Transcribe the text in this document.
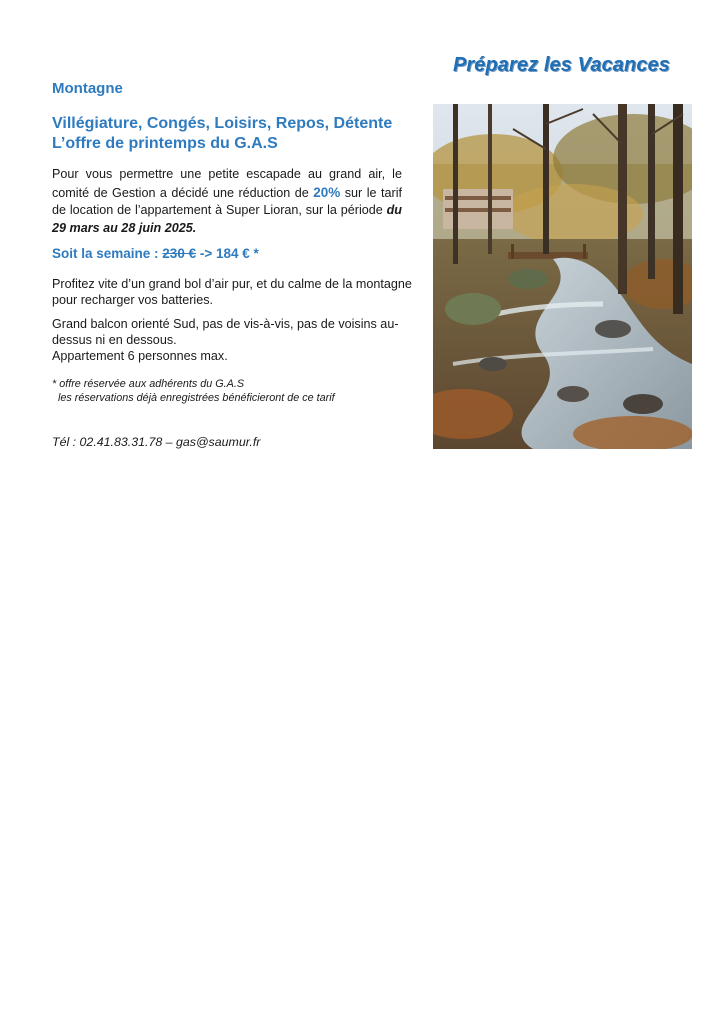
Préparez les Vacances
Montagne
Villégiature, Congés, Loisirs, Repos, Détente
L’offre de printemps du G.A.S
Pour vous permettre une petite escapade au grand air, le comité de Gestion a décidé une réduction de 20% sur le tarif de location de l’appartement à Super Lioran, sur la période du 29 mars au 28 juin 2025.
Soit la semaine : 230 € -> 184 € *
Profitez vite d’un grand bol d’air pur, et du calme de la montagne pour recharger vos batteries.
Grand balcon orienté Sud, pas de vis-à-vis, pas de voisins au-dessus ni en dessous.
Appartement 6 personnes max.
* offre réservée aux adhérents du G.A.S
les réservations déjà enregistrées bénéficieront de ce tarif
Tél : 02.41.83.31.78 – gas@saumur.fr
